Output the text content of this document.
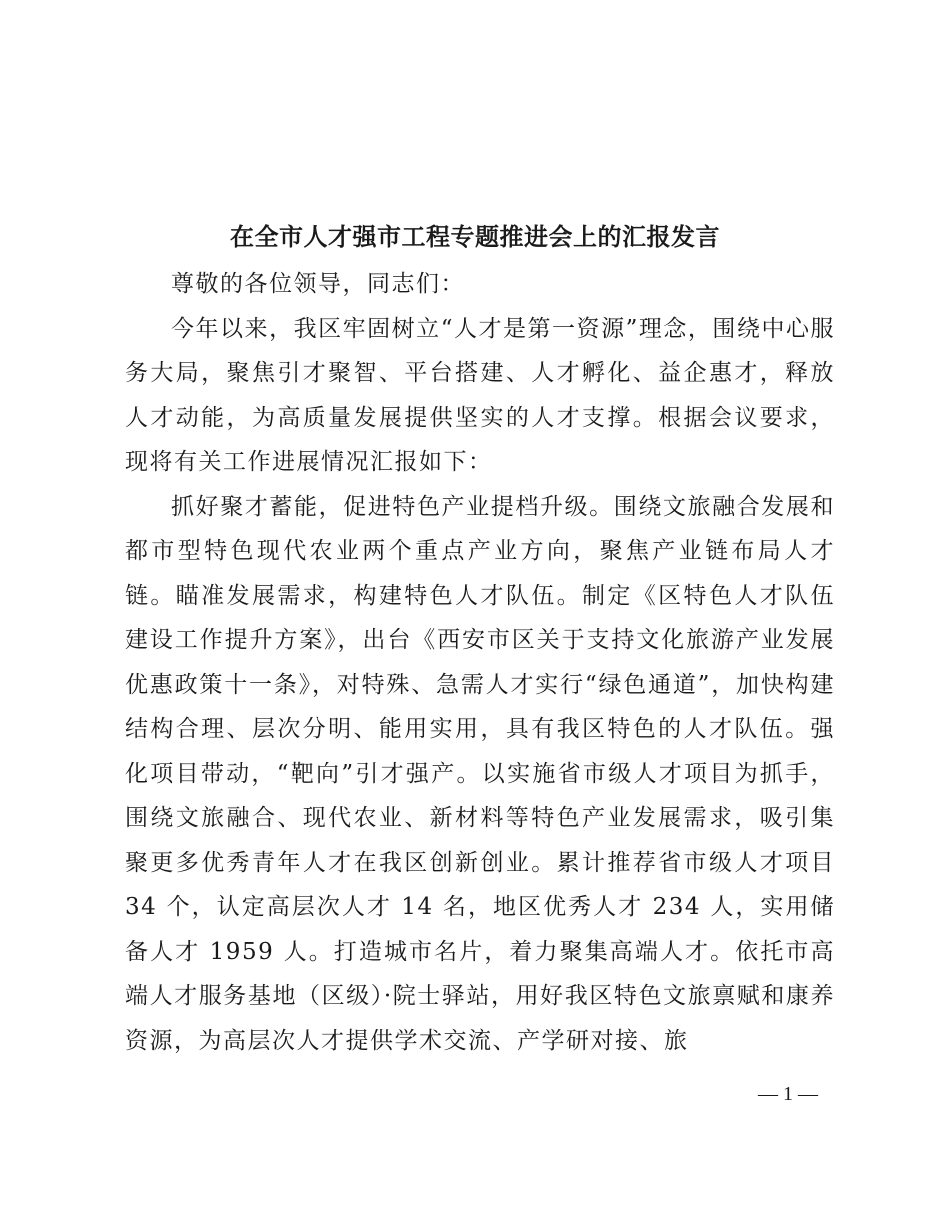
在全市人才强市工程专题推进会上的汇报发言

尊敬的各位领导，同志们：

今年以来，我区牢固树立“人才是第一资源”理念，围绕中心服务大局，聚焦引才聚智、平台搭建、人才孵化、益企惠才，释放人才动能，为高质量发展提供坚实的人才支撑。根据会议要求，现将有关工作进展情况汇报如下：

抓好聚才蓄能，促进特色产业提档升级。围绕文旅融合发展和都市型特色现代农业两个重点产业方向，聚焦产业链布局人才链。瞄准发展需求，构建特色人才队伍。制定《区特色人才队伍建设工作提升方案》，出台《西安市区关于支持文化旅游产业发展优惠政策十一条》，对特殊、急需人才实行“绿色通道”，加快构建结构合理、层次分明、能用实用，具有我区特色的人才队伍。强化项目带动，“靶向”引才强产。以实施省市级人才项目为抓手，围绕文旅融合、现代农业、新材料等特色产业发展需求，吸引集聚更多优秀青年人才在我区创新创业。累计推荐省市级人才项目 34 个，认定高层次人才 14 名，地区优秀人才 234 人，实用储备人才 1959 人。打造城市名片，着力聚集高端人才。依托市高端人才服务基地（区级）·院士驿站，用好我区特色文旅禀赋和康养资源，为高层次人才提供学术交流、产学研对接、旅

— 1 —
